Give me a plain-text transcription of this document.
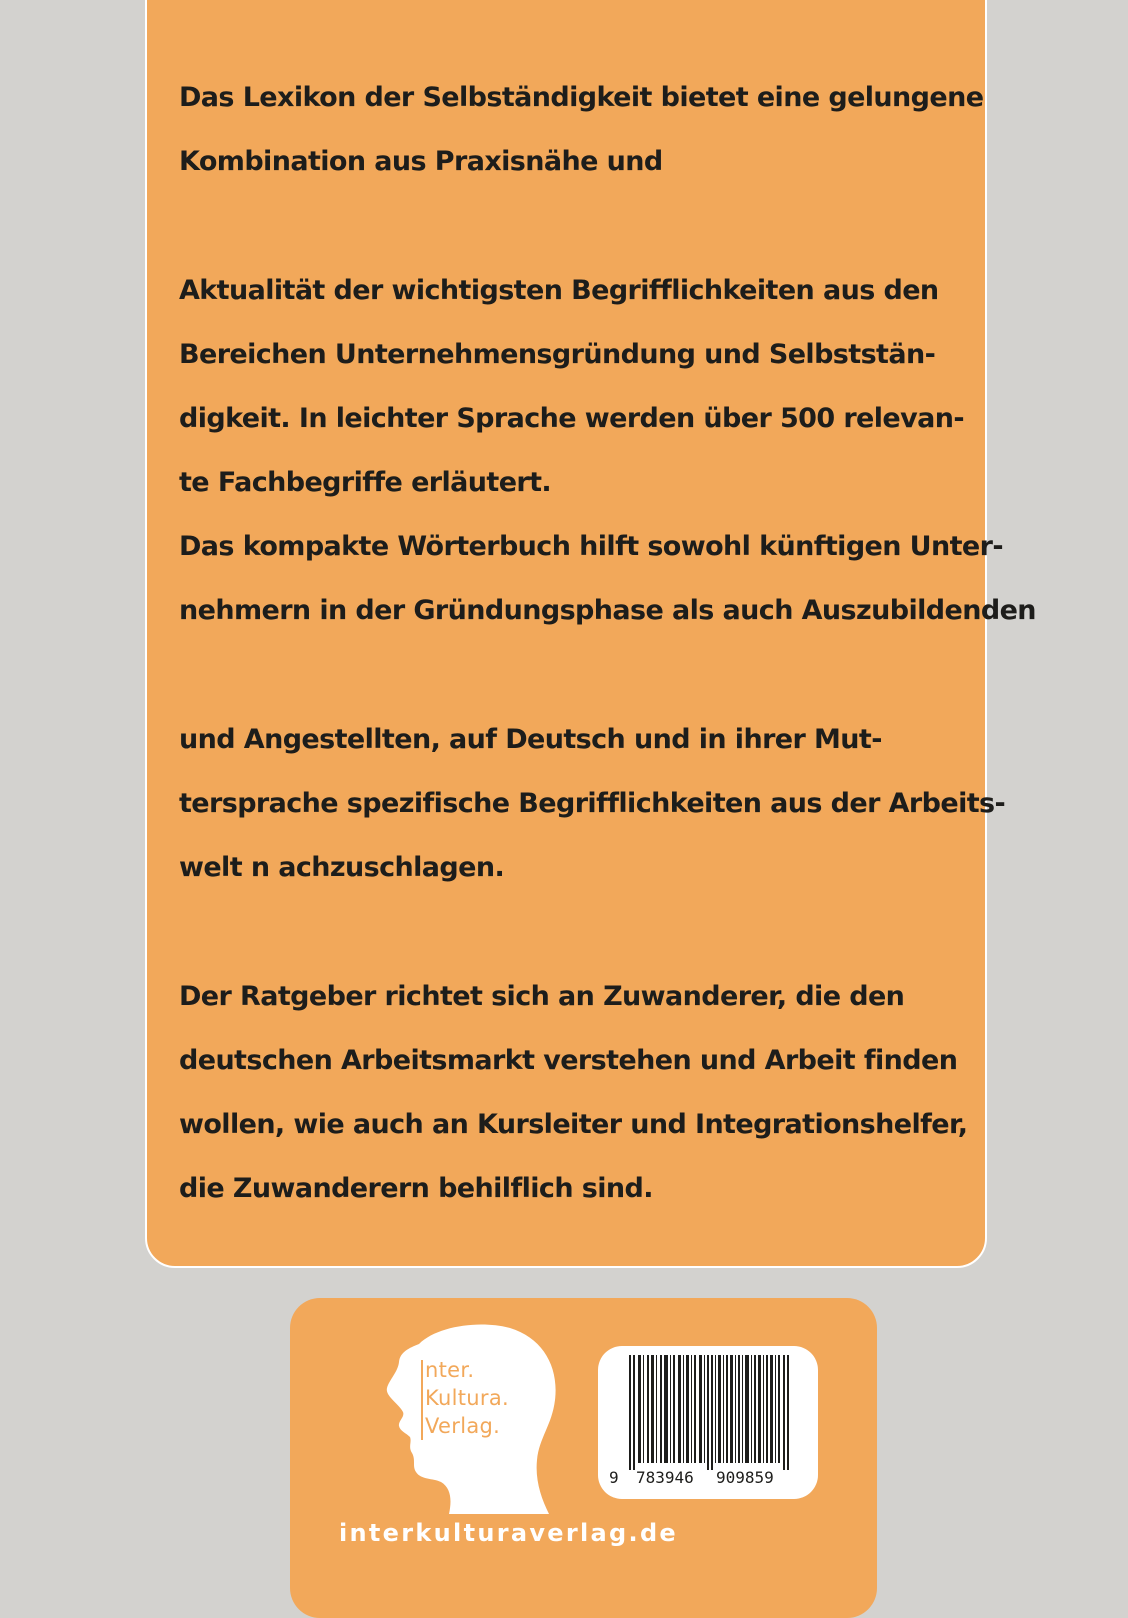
Das Lexikon der Selbständigkeit bietet eine gelungene
Kombination aus Praxisnähe und
Aktualität der wichtigsten Begrifflichkeiten aus den
Bereichen Unternehmensgründung und Selbststän-
digkeit. In leichter Sprache werden über 500 relevan-
te Fachbegriffe erläutert.
Das kompakte Wörterbuch hilft sowohl künftigen Unter-
nehmern in der Gründungsphase als auch Auszubildenden
und Angestellten, auf Deutsch und in ihrer Mut-
tersprache spezifische Begrifflichkeiten aus der Arbeits-
welt n achzuschlagen.
Der Ratgeber richtet sich an Zuwanderer, die den
deutschen Arbeitsmarkt verstehen und Arbeit finden
wollen, wie auch an Kursleiter und Integrationshelfer,
die Zuwanderern behilflich sind.
nter.
Kultura.
Verlag.
9 783946 909859
interkulturaverlag.de
